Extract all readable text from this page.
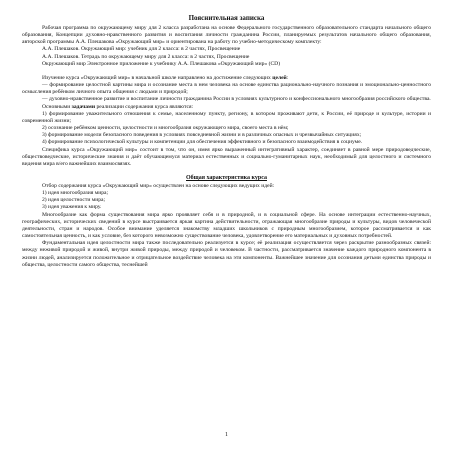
Пояснительная записка
Рабочая программа по окружающему миру для 2 класса разработана на основе Федерального государственного образовательного стандарта начального общего образования, Концепции духовно-нравственного развития и воспитания личности гражданина России, планируемых результатов начального общего образования, авторской программы А.А. Плешакова «Окружающий мир» и ориентирована на работу по учебно-методическому комплекту:
А.А. Плешаков. Окружающий мир: учебник для 2 класса: в 2 частях, Просвещение
А.А. Плешаков. Тетрадь по окружающему миру для 2 класса: в 2 частях, Просвещение
Окружающий мир Электронное приложение к учебнику А.А. Плешакова «Окружающий мир» (CD)
Изучение курса «Окружающий мир» в начальной школе направлено на достижение следующих целей:
— формирование целостной картины мира и осознание места в нем человека на основе единства рационально-научного познания и эмоционально-ценностного осмысления ребёнком личного опыта общения с людьми и природой;
— духовно-нравственное развитие и воспитание личности гражданина России в условиях культурного и конфессионального многообразия российского общества.
Основными задачами реализации содержания курса являются:
1) формирование уважительного отношения к семье, населенному пункту, региону, в котором проживают дети, к России, её природе и культуре, истории и современной жизни;
2) осознание ребёнком ценности, целостности и многообразия окружающего мира, своего места в нём;
3) формирование модели безопасного поведения в условиях повседневной жизни и в различных опасных и чрезвычайных ситуациях;
4) формирование психологической культуры и компетенции для обеспечения эффективного и безопасного взаимодействия в социуме.
Специфика курса «Окружающий мир» состоит в том, что он, имея ярко выраженный интегративный характер, соединяет в равной мере природоведческие, обществоведческие, исторические знания и даёт обучающемуся материал естественных и социально-гуманитарных наук, необходимый для целостного и системного видения мира в/его важнейших взаимосвязях.
Общая характеристика курса
Отбор содержания курса «Окружающий мир» осуществлен на основе следующих ведущих идей:
1) идея многообразия мира;
2) идея целостности мира;
3) идея уважения к миру.
Многообразие как форма существования мира ярко проявляет себя и в природной, и в социальной сфере. На основе интеграции естественно-научных, географических, исторических сведений в курсе выстраивается яркая картина действительности, отражающая многообразие природы и культуры, видов человеческой деятельности, стран и народов. Особое внимание уделяется знакомству младших школьников с природным многообразием, которое рассматривается и как самостоятельная ценность, и как условие, без которого невозможно существование человека, удовлетворение его материальных и духовных потребностей.
Фундаментальная идея целостности мира также последовательно реализуется в курсе; её реализация осуществляется через раскрытие разнообразных связей: между неживой природой и живой, внутри живой природы, между природой и человеком. В частности, рассматривается значение каждого природного компонента в жизни людей, анализируется положительное и отрицательное воздействие человека на эти компоненты. Важнейшее значение для осознания детьми единства природы и общества, целостности самого общества, теснейшей
1
